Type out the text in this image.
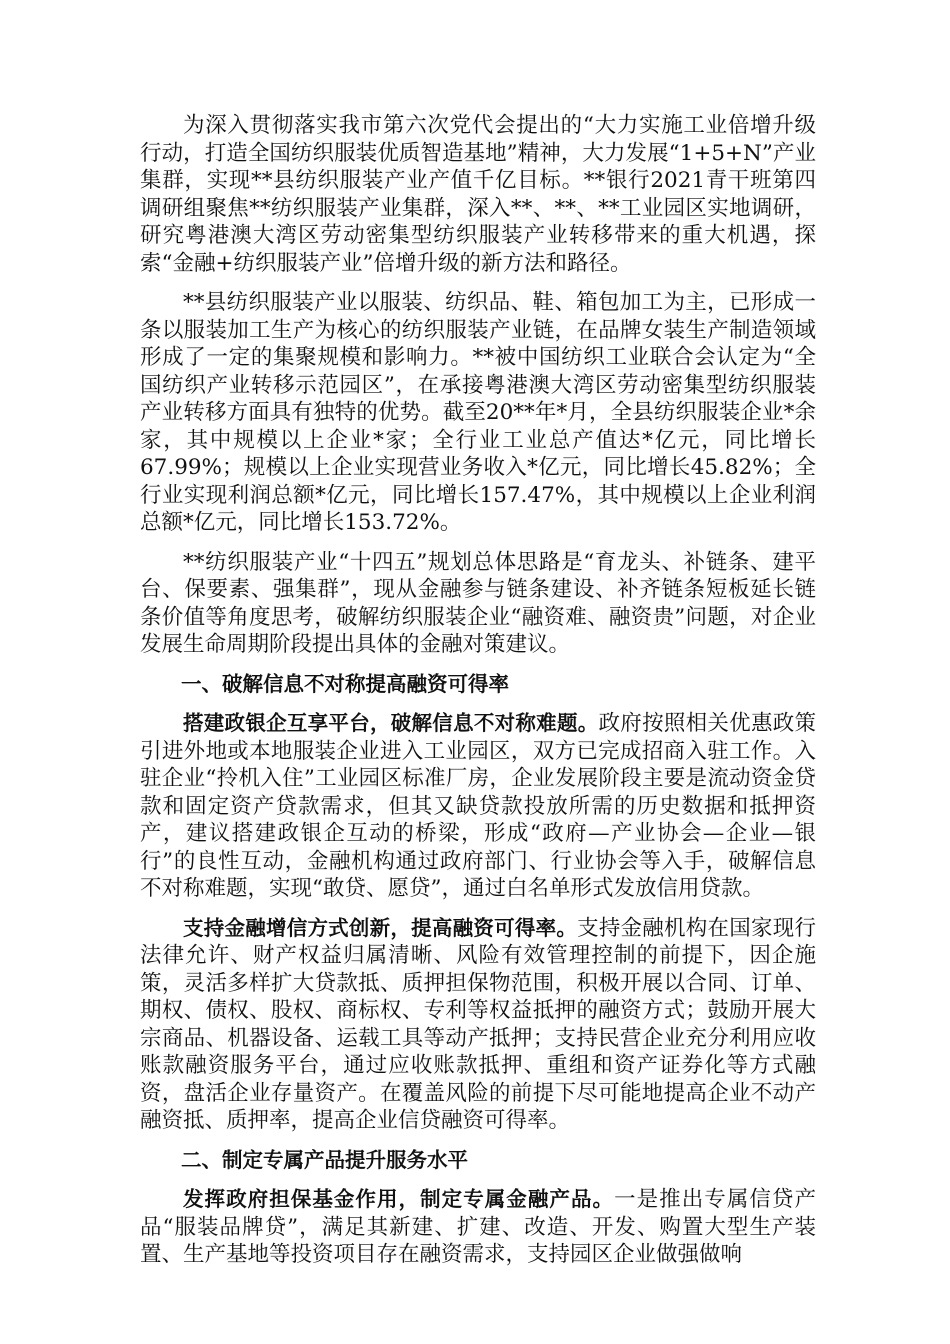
为深入贯彻落实我市第六次党代会提出的“大力实施工业倍增升级行动，打造全国纺织服装优质智造基地”精神，大力发展“1+5+N”产业集群，实现**县纺织服装产业产值千亿目标。**银行2021青干班第四调研组聚焦**纺织服装产业集群，深入**、**、**工业园区实地调研，研究粤港澳大湾区劳动密集型纺织服装产业转移带来的重大机遇，探索“金融+纺织服装产业”倍增升级的新方法和路径。

**县纺织服装产业以服装、纺织品、鞋、箱包加工为主，已形成一条以服装加工生产为核心的纺织服装产业链，在品牌女装生产制造领域形成了一定的集聚规模和影响力。**被中国纺织工业联合会认定为“全国纺织产业转移示范园区”，在承接粤港澳大湾区劳动密集型纺织服装产业转移方面具有独特的优势。截至20**年*月，全县纺织服装企业*余家，其中规模以上企业*家；全行业工业总产值达*亿元，同比增长67.99%；规模以上企业实现营业务收入*亿元，同比增长45.82%；全行业实现利润总额*亿元，同比增长157.47%，其中规模以上企业利润总额*亿元，同比增长153.72%。

**纺织服装产业“十四五”规划总体思路是“育龙头、补链条、建平台、保要素、强集群”，现从金融参与链条建设、补齐链条短板延长链条价值等角度思考，破解纺织服装企业“融资难、融资贵”问题，对企业发展生命周期阶段提出具体的金融对策建议。

一、破解信息不对称提高融资可得率

搭建政银企互享平台，破解信息不对称难题。政府按照相关优惠政策引进外地或本地服装企业进入工业园区，双方已完成招商入驻工作。入驻企业“拎机入住”工业园区标准厂房，企业发展阶段主要是流动资金贷款和固定资产贷款需求，但其又缺贷款投放所需的历史数据和抵押资产，建议搭建政银企互动的桥梁，形成“政府—产业协会—企业—银行”的良性互动，金融机构通过政府部门、行业协会等入手，破解信息不对称难题，实现“敢贷、愿贷”，通过白名单形式发放信用贷款。

支持金融增信方式创新，提高融资可得率。支持金融机构在国家现行法律允许、财产权益归属清晰、风险有效管理控制的前提下，因企施策，灵活多样扩大贷款抵、质押担保物范围，积极开展以合同、订单、期权、债权、股权、商标权、专利等权益抵押的融资方式；鼓励开展大宗商品、机器设备、运载工具等动产抵押；支持民营企业充分利用应收账款融资服务平台，通过应收账款抵押、重组和资产证券化等方式融资，盘活企业存量资产。在覆盖风险的前提下尽可能地提高企业不动产融资抵、质押率，提高企业信贷融资可得率。

二、制定专属产品提升服务水平

发挥政府担保基金作用，制定专属金融产品。一是推出专属信贷产品“服装品牌贷”，满足其新建、扩建、改造、开发、购置大型生产装置、生产基地等投资项目存在融资需求，支持园区企业做强做响
